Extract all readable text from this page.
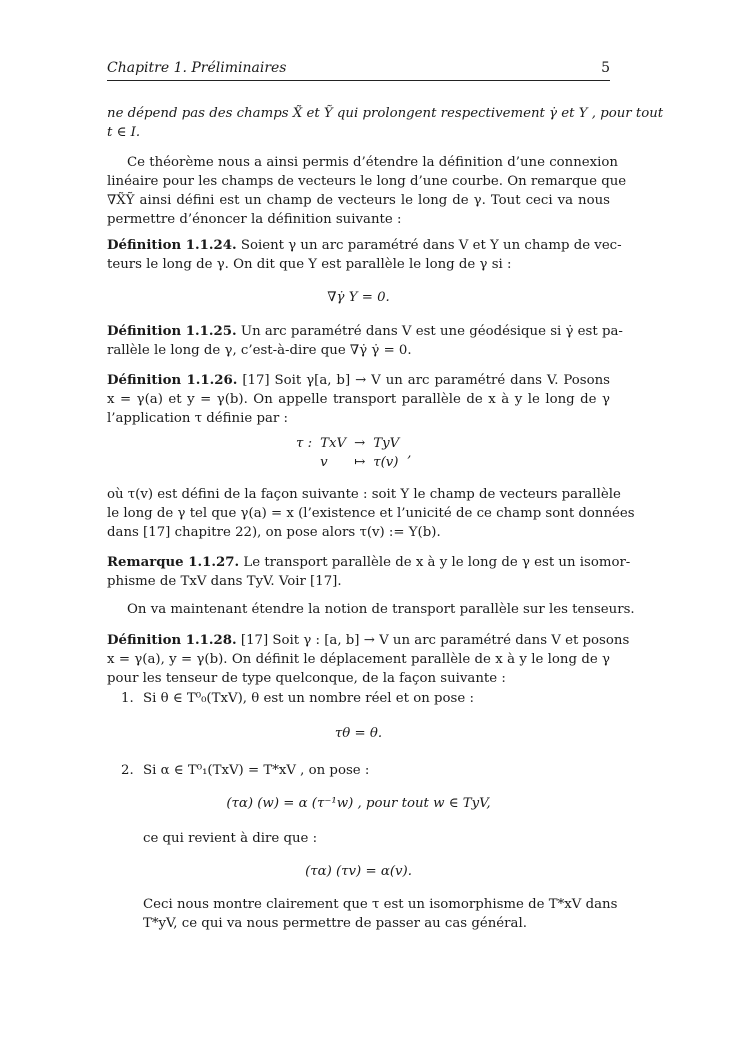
Chapitre 1. Préliminaires	5
ne dépend pas des champs X̃ et Ỹ qui prolongent respectivement γ̇ et Y , pour tout
t ∈ I.
Ce théorème nous a ainsi permis d’étendre la définition d’une connexion
linéaire pour les champs de vecteurs le long d’une courbe. On remarque que
∇X̃Ỹ ainsi défini est un champ de vecteurs le long de γ. Tout ceci va nous
permettre d’énoncer la définition suivante :
Définition 1.1.24. Soient γ un arc paramétré dans V et Y un champ de vec-
teurs le long de γ. On dit que Y est parallèle le long de γ si :
∇γ̇ Y = 0.
Définition 1.1.25. Un arc paramétré dans V est une géodésique si γ̇ est pa-
rallèle le long de γ, c’est-à-dire que ∇γ̇ γ̇ = 0.
Définition 1.1.26. [17] Soit γ[a, b] → V un arc paramétré dans V. Posons
x = γ(a) et y = γ(b). On appelle transport parallèle de x à y le long de γ
l’application τ définie par :
τ :	TxV	→	TyV	
	v	↦	τ(v)	,
où τ(v) est défini de la façon suivante : soit Y le champ de vecteurs parallèle
le long de γ tel que γ(a) = x (l’existence et l’unicité de ce champ sont données
dans [17] chapitre 22), on pose alors τ(v) := Y(b).
Remarque 1.1.27. Le transport parallèle de x à y le long de γ est un isomor-
phisme de TxV dans TyV. Voir [17].
On va maintenant étendre la notion de transport parallèle sur les tenseurs.
Définition 1.1.28. [17] Soit γ : [a, b] → V un arc paramétré dans V et posons
x = γ(a), y = γ(b). On définit le déplacement parallèle de x à y le long de γ
pour les tenseur de type quelconque, de la façon suivante :
1. Si θ ∈ T⁰₀(TxV), θ est un nombre réel et on pose :
τθ = θ.
2. Si α ∈ T⁰₁(TxV) = T*xV , on pose :
(τα) (w) = α (τ⁻¹w) , pour tout w ∈ TyV,
ce qui revient à dire que :
(τα) (τv) = α(v).
Ceci nous montre clairement que τ est un isomorphisme de T*xV dans
T*yV, ce qui va nous permettre de passer au cas général.
